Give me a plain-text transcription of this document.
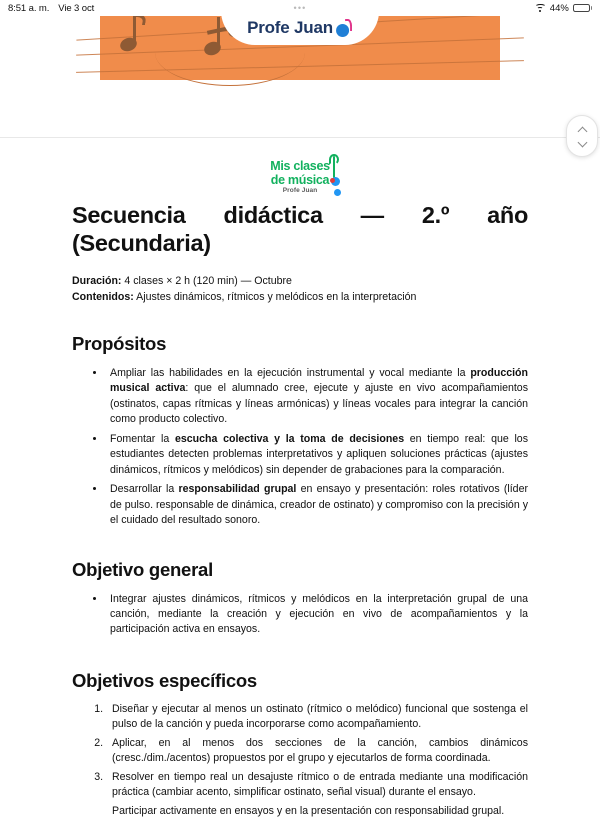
8:51 a. m. Vie 3 oct	•••	44%
Profe Juan
Mis clases
de música
Profe Juan
Secuencia didáctica — 2.º año
(Secundaria)
Duración: 4 clases × 2 h (120 min) — Octubre
Contenidos: Ajustes dinámicos, rítmicos y melódicos en la interpretación
Propósitos
• Ampliar las habilidades en la ejecución instrumental y vocal mediante la producción musical activa: que el alumnado cree, ejecute y ajuste en vivo acompañamientos (ostinatos, capas rítmicas y líneas armónicas) y líneas vocales para integrar la canción como producto colectivo.
• Fomentar la escucha colectiva y la toma de decisiones en tiempo real: que los estudiantes detecten problemas interpretativos y apliquen soluciones prácticas (ajustes dinámicos, rítmicos y melódicos) sin depender de grabaciones para la comparación.
• Desarrollar la responsabilidad grupal en ensayo y presentación: roles rotativos (líder de pulso. responsable de dinámica, creador de ostinato) y compromiso con la precisión y el cuidado del resultado sonoro.
Objetivo general
• Integrar ajustes dinámicos, rítmicos y melódicos en la interpretación grupal de una canción, mediante la creación y ejecución en vivo de acompañamientos y la participación activa en ensayos.
Objetivos específicos
1. Diseñar y ejecutar al menos un ostinato (rítmico o melódico) funcional que sostenga el pulso de la canción y pueda incorporarse como acompañamiento.
2. Aplicar, en al menos dos secciones de la canción, cambios dinámicos (cresc./dim./acentos) propuestos por el grupo y ejecutarlos de forma coordinada.
3. Resolver en tiempo real un desajuste rítmico o de entrada mediante una modificación práctica (cambiar acento, simplificar ostinato, señal visual) durante el ensayo.
Participar activamente en ensayos y en la presentación con responsabilidad grupal.
